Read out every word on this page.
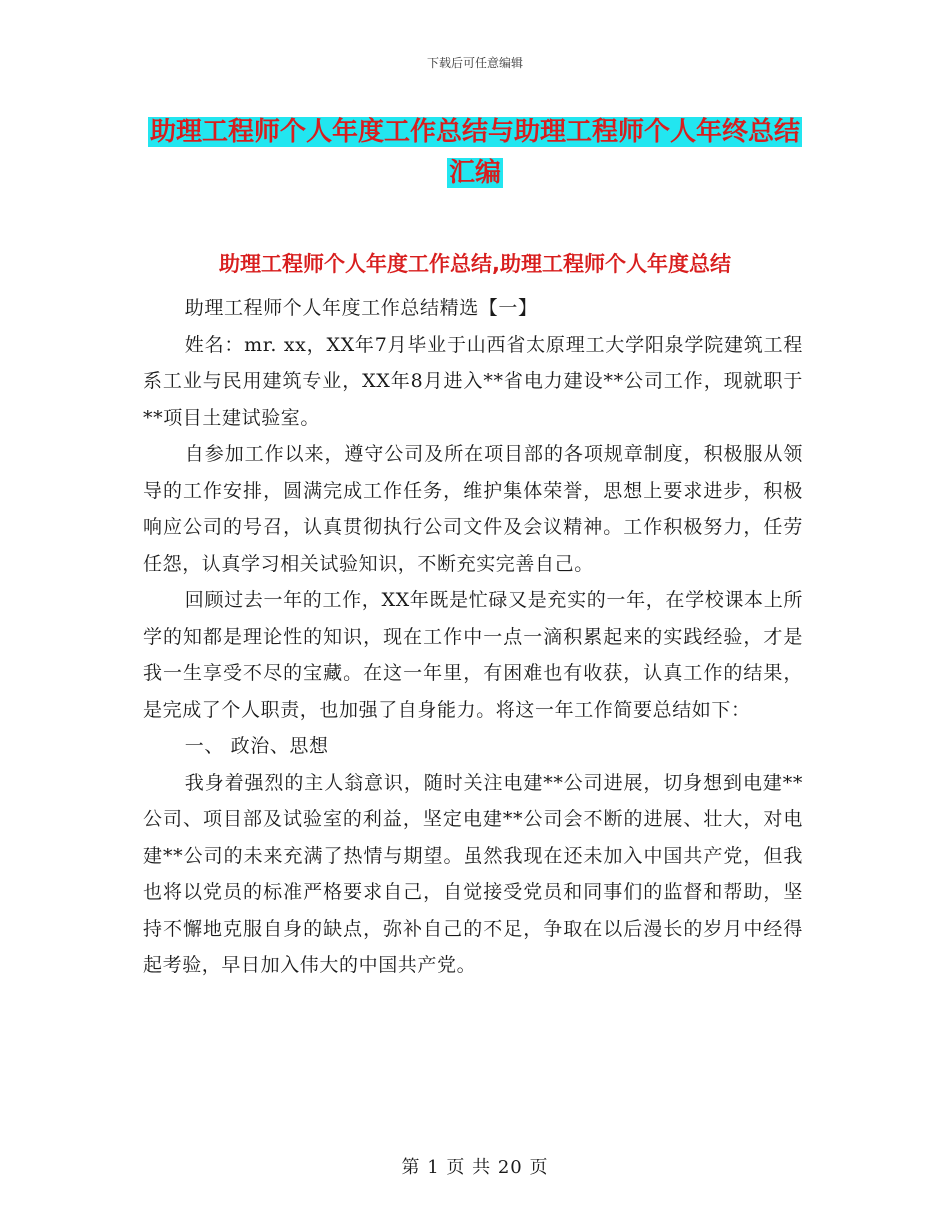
下载后可任意编辑
助理工程师个人年度工作总结与助理工程师个人年终总结汇编
助理工程师个人年度工作总结,助理工程师个人年度总结

助理工程师个人年度工作总结精选【一】

姓名：mr. xx，XX年7月毕业于山西省太原理工大学阳泉学院建筑工程系工业与民用建筑专业，XX年8月进入**省电力建设**公司工作，现就职于**项目土建试验室。

自参加工作以来，遵守公司及所在项目部的各项规章制度，积极服从领导的工作安排，圆满完成工作任务，维护集体荣誉，思想上要求进步，积极响应公司的号召，认真贯彻执行公司文件及会议精神。工作积极努力，任劳任怨，认真学习相关试验知识，不断充实完善自己。

回顾过去一年的工作，XX年既是忙碌又是充实的一年，在学校课本上所学的知都是理论性的知识，现在工作中一点一滴积累起来的实践经验，才是我一生享受不尽的宝藏。在这一年里，有困难也有收获，认真工作的结果，是完成了个人职责，也加强了自身能力。将这一年工作简要总结如下：

一、 政治、思想

我身着强烈的主人翁意识，随时关注电建**公司进展，切身想到电建**公司、项目部及试验室的利益，坚定电建**公司会不断的进展、壮大，对电建**公司的未来充满了热情与期望。虽然我现在还未加入中国共产党，但我也将以党员的标准严格要求自己，自觉接受党员和同事们的监督和帮助，坚持不懈地克服自身的缺点，弥补自己的不足，争取在以后漫长的岁月中经得起考验，早日加入伟大的中国共产党。

第 1 页 共 20 页
